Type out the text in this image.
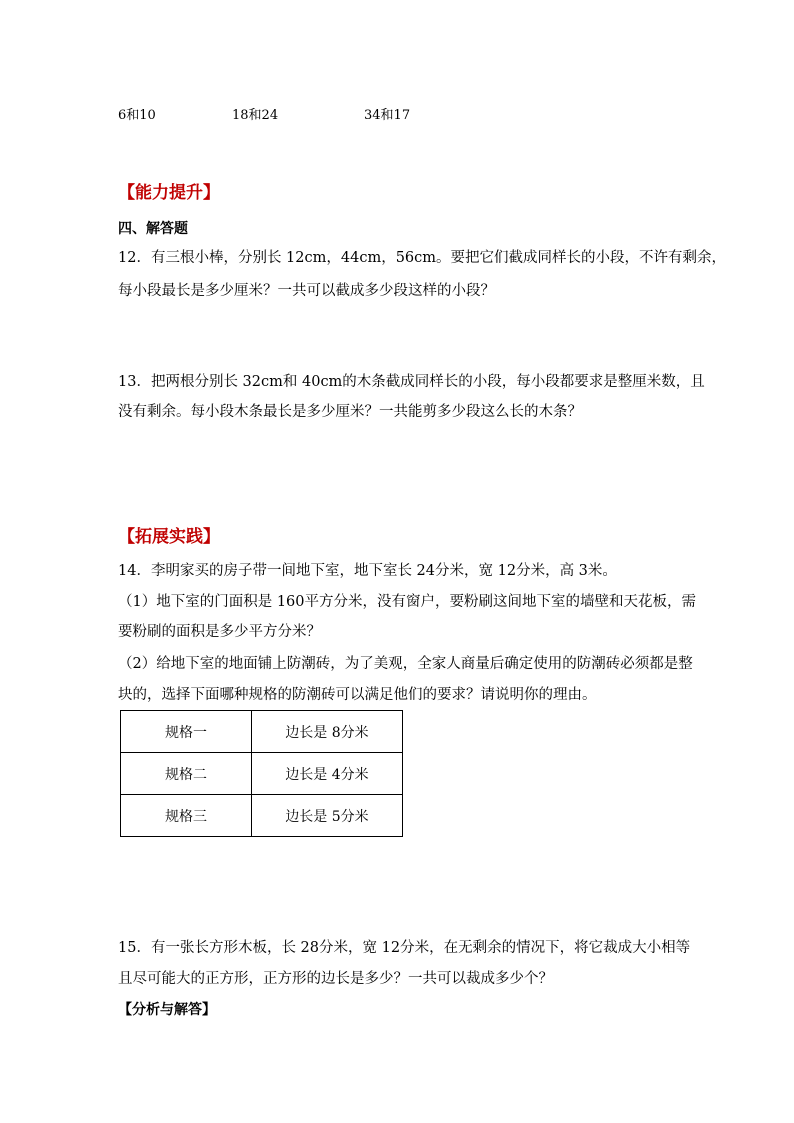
6和10	18和24	34和17
【能力提升】
四、解答题
12．有三根小棒，分别长 12cm，44cm，56cm。要把它们截成同样长的小段，不许有剩余，
每小段最长是多少厘米？一共可以截成多少段这样的小段？
13．把两根分别长 32cm和 40cm的木条截成同样长的小段，每小段都要求是整厘米数，且
没有剩余。每小段木条最长是多少厘米？一共能剪多少段这么长的木条？
【拓展实践】
14．李明家买的房子带一间地下室，地下室长 24分米，宽 12分米，高 3米。
（1）地下室的门面积是 160平方分米，没有窗户，要粉刷这间地下室的墙壁和天花板，需
要粉刷的面积是多少平方分米？
（2）给地下室的地面铺上防潮砖，为了美观，全家人商量后确定使用的防潮砖必须都是整
块的，选择下面哪种规格的防潮砖可以满足他们的要求？请说明你的理由。
规格一	边长是 8分米
规格二	边长是 4分米
规格三	边长是 5分米
15．有一张长方形木板，长 28分米，宽 12分米，在无剩余的情况下，将它裁成大小相等
且尽可能大的正方形，正方形的边长是多少？一共可以裁成多少个？
【分析与解答】
